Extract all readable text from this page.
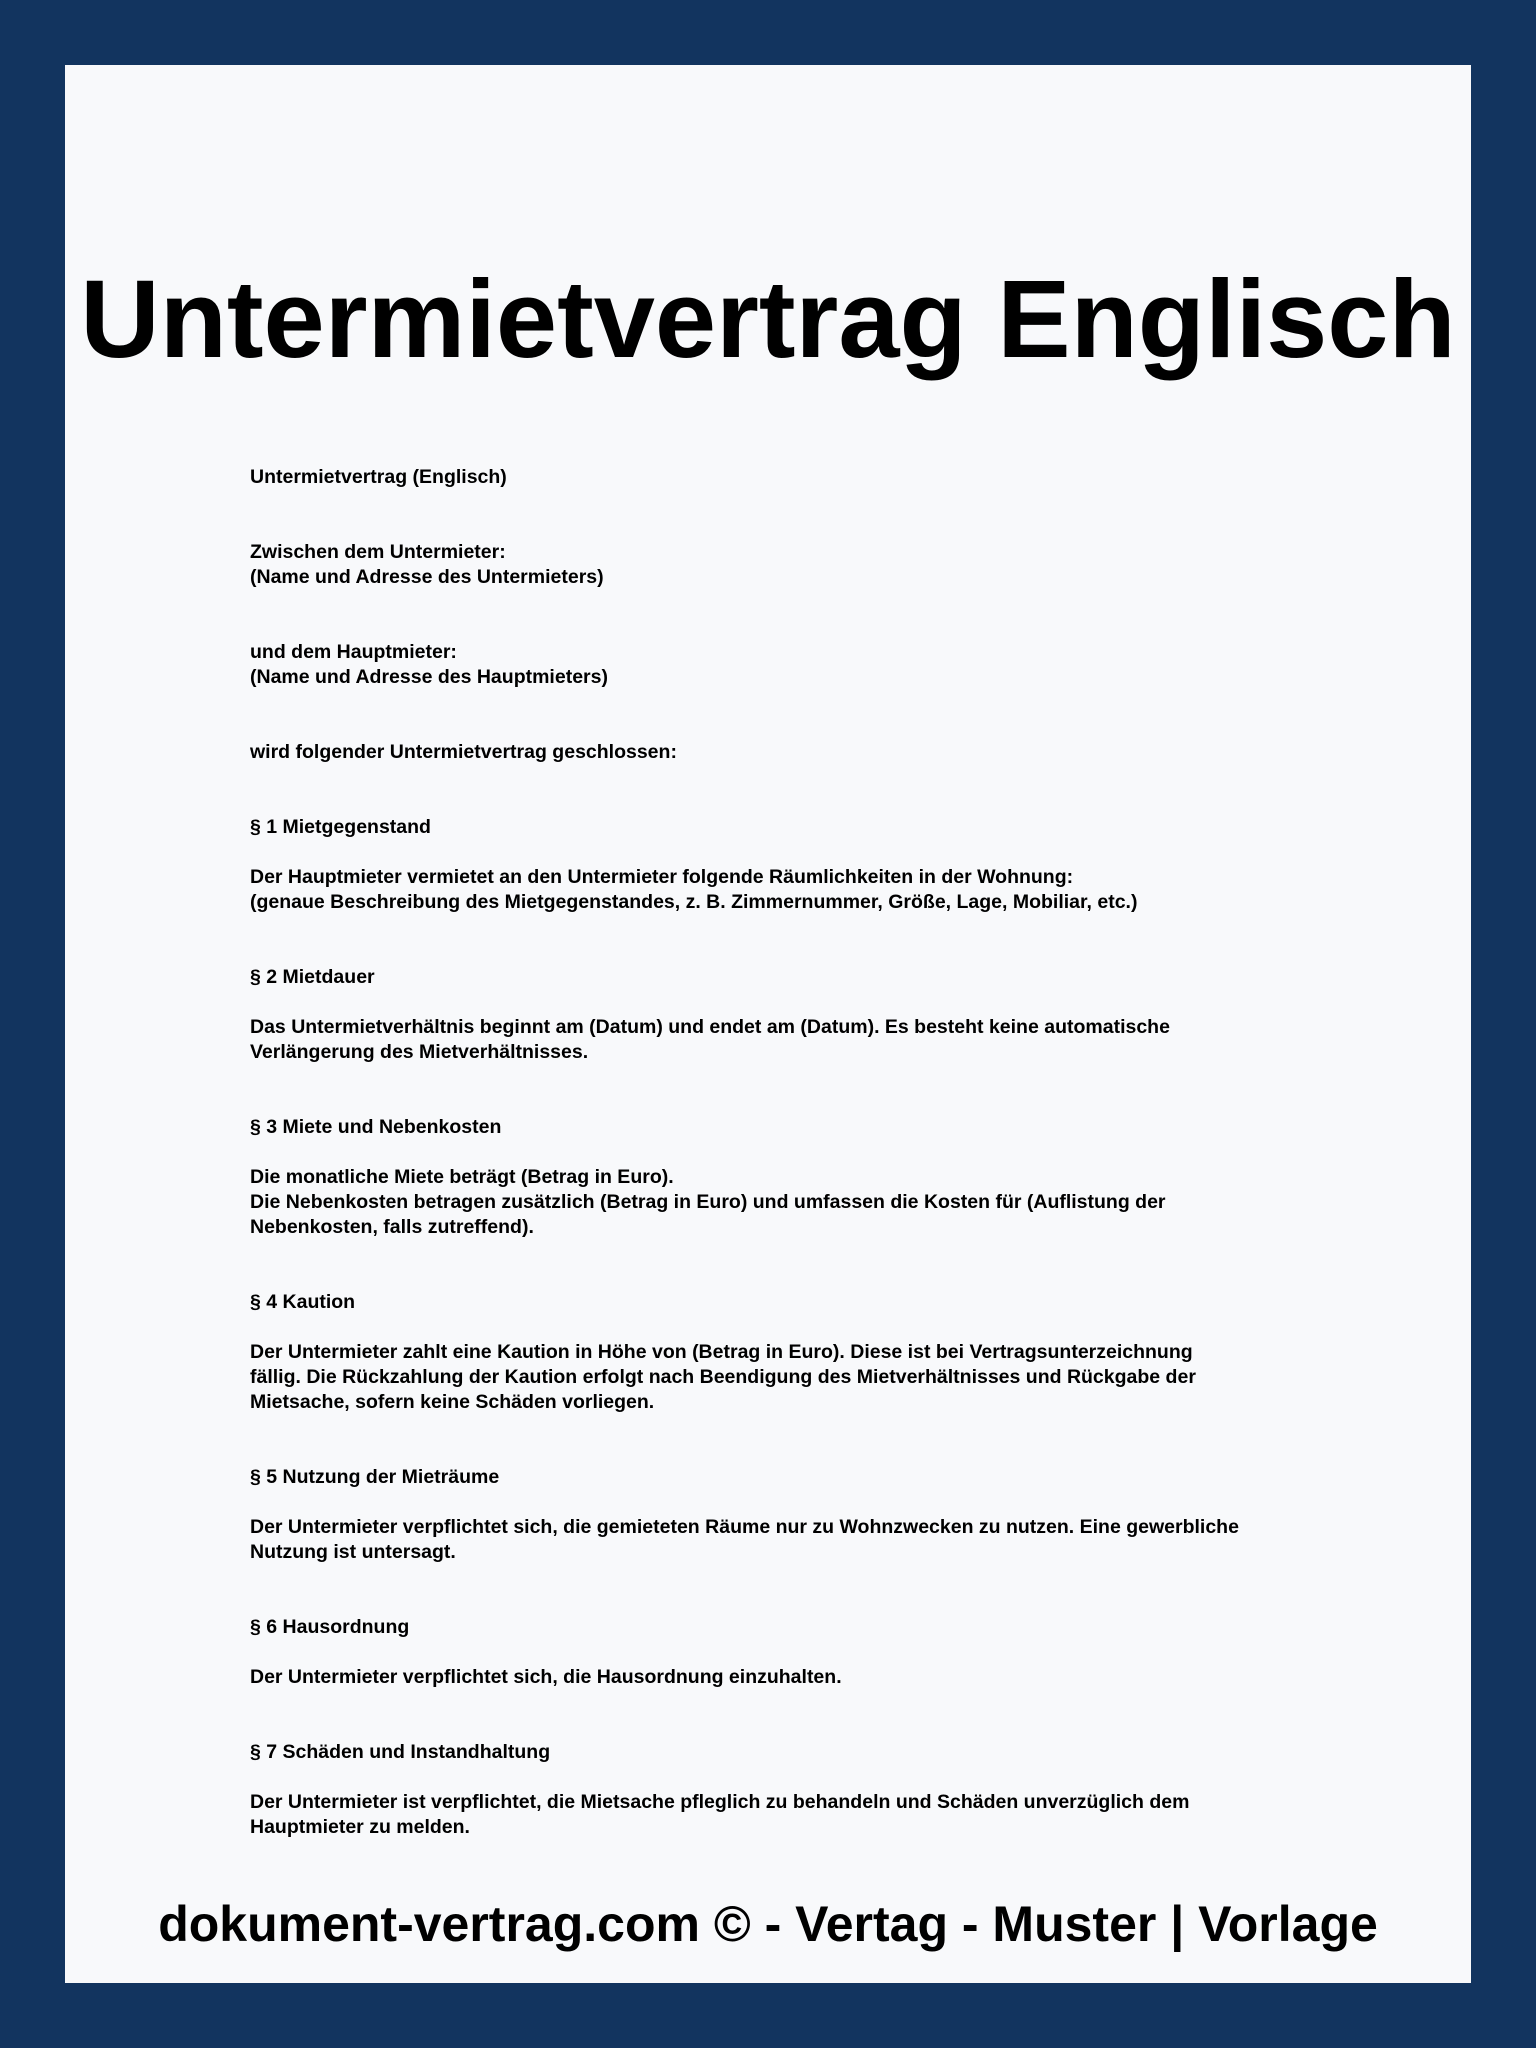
Untermietvertrag Englisch

Untermietvertrag (Englisch)

Zwischen dem Untermieter:

(Name und Adresse des Untermieters)

und dem Hauptmieter:

(Name und Adresse des Hauptmieters)

wird folgender Untermietvertrag geschlossen:

§ 1 Mietgegenstand

Der Hauptmieter vermietet an den Untermieter folgende Räumlichkeiten in der Wohnung:
(genaue Beschreibung des Mietgegenstandes, z. B. Zimmernummer, Größe, Lage, Mobiliar, etc.)

§ 2 Mietdauer

Das Untermietverhältnis beginnt am (Datum) und endet am (Datum). Es besteht keine automatische
Verlängerung des Mietverhältnisses.

§ 3 Miete und Nebenkosten

Die monatliche Miete beträgt (Betrag in Euro).
Die Nebenkosten betragen zusätzlich (Betrag in Euro) und umfassen die Kosten für (Auflistung der
Nebenkosten, falls zutreffend).

§ 4 Kaution

Der Untermieter zahlt eine Kaution in Höhe von (Betrag in Euro). Diese ist bei Vertragsunterzeichnung
fällig. Die Rückzahlung der Kaution erfolgt nach Beendigung des Mietverhältnisses und Rückgabe der
Mietsache, sofern keine Schäden vorliegen.

§ 5 Nutzung der Mieträume

Der Untermieter verpflichtet sich, die gemieteten Räume nur zu Wohnzwecken zu nutzen. Eine gewerbliche
Nutzung ist untersagt.

§ 6 Hausordnung

Der Untermieter verpflichtet sich, die Hausordnung einzuhalten.

§ 7 Schäden und Instandhaltung

Der Untermieter ist verpflichtet, die Mietsache pfleglich zu behandeln und Schäden unverzüglich dem
Hauptmieter zu melden.

dokument-vertrag.com © - Vertag - Muster | Vorlage
